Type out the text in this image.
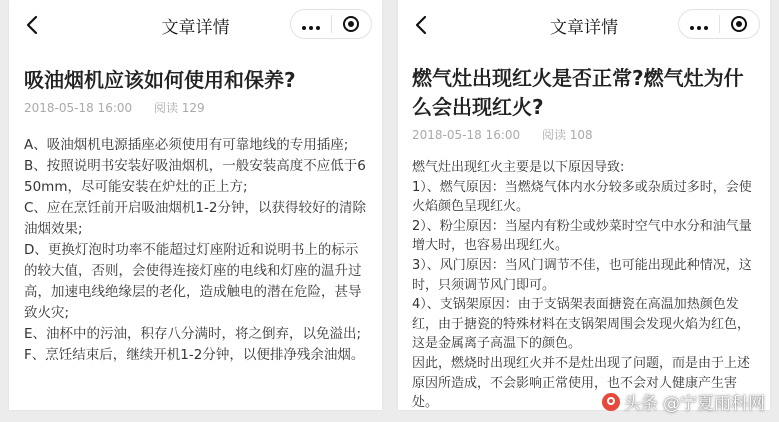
文章详情
吸油烟机应该如何使用和保养?
2018-05-18 16:00 阅读 129

A、吸油烟机电源插座必须使用有可靠地线的专用插座;

B、按照说明书安装好吸油烟机，一般安装高度不应低于650mm，尽可能安装在炉灶的正上方;

C、应在烹饪前开启吸油烟机1-2分钟，以获得较好的清除油烟效果;

D、更换灯泡时功率不能超过灯座附近和说明书上的标示的较大值，否则，会使得连接灯座的电线和灯座的温升过高，加速电线绝缘层的老化，造成触电的潜在危险，甚导致火灾;

E、油杯中的污油，积存八分满时，将之倒弃，以免溢出;

F、烹饪结束后，继续开机1-2分钟，以便排净残余油烟。

文章详情
燃气灶出现红火是否正常?燃气灶为什么会出现红火?
2018-05-18 16:00 阅读 108

燃气灶出现红火主要是以下原因导致:

1）、燃气原因：当燃烧气体内水分较多或杂质过多时，会使火焰颜色呈现红火。

2）、粉尘原因：当屋内有粉尘或炒菜时空气中水分和油气量增大时，也容易出现红火。

3）、风门原因：当风门调节不佳，也可能出现此种情况，这时，只须调节风门即可。

4）、支锅架原因：由于支锅架表面搪瓷在高温加热颜色发红，由于搪瓷的特殊材料在支锅架周围会发现火焰为红色，这是金属离子高温下的颜色。

因此，燃烧时出现红火并不是灶出现了问题，而是由于上述原因所造成，不会影响正常使用，也不会对人健康产生害处。	头条 @宁夏雨科网
